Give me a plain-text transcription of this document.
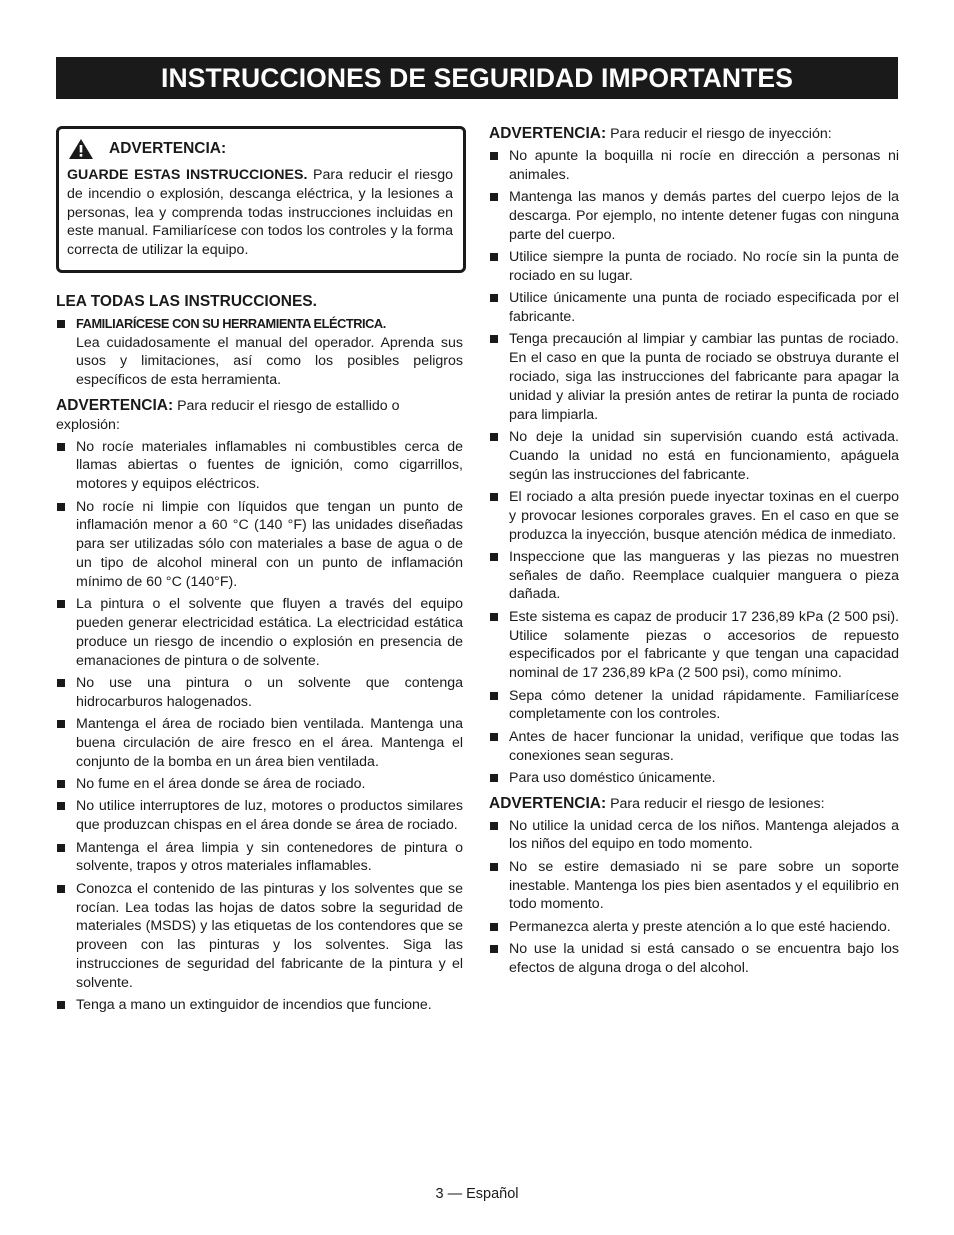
INSTRUCCIONES DE SEGURIDAD IMPORTANTES
ADVERTENCIA:
GUARDE ESTAS INSTRUCCIONES. Para reducir el riesgo de incendio o explosión, descanga eléctrica, y la lesiones a personas, lea y comprenda todas instrucciones incluidas en este manual. Familiarícese con todos los controles y la forma correcta de utilizar la equipo.
LEA TODAS LAS INSTRUCCIONES.
FAMILIARÍCESE CON SU HERRAMIENTA ELÉCTRICA.
Lea cuidadosamente el manual del operador. Aprenda sus usos y limitaciones, así como los posibles peligros específicos de esta herramienta.
ADVERTENCIA: Para reducir el riesgo de estallido o explosión:
No rocíe materiales inflamables ni combustibles cerca de llamas abiertas o fuentes de ignición, como cigarrillos, motores y equipos eléctricos.
No rocíe ni limpie con líquidos que tengan un punto de inflamación menor a 60 °C (140 °F) las unidades diseñadas para ser utilizadas sólo con materiales a base de agua o de un tipo de alcohol mineral con un punto de inflamación mínimo de 60 °C (140°F).
La pintura o el solvente que fluyen a través del equipo pueden generar electricidad estática. La electricidad estática produce un riesgo de incendio o explosión en presencia de emanaciones de pintura o de solvente.
No use una pintura o un solvente que contenga hidrocarburos halogenados.
Mantenga el área de rociado bien ventilada. Mantenga una buena circulación de aire fresco en el área. Mantenga el conjunto de la bomba en un área bien ventilada.
No fume en el área donde se área de rociado.
No utilice interruptores de luz, motores o productos similares que produzcan chispas en el área donde se área de rociado.
Mantenga el área limpia y sin contenedores de pintura o solvente, trapos y otros materiales inflamables.
Conozca el contenido de las pinturas y los solventes que se rocían. Lea todas las hojas de datos sobre la seguridad de materiales (MSDS) y las etiquetas de los contendores que se proveen con las pinturas y los solventes. Siga las instrucciones de seguridad del fabricante de la pintura y el solvente.
Tenga a mano un extinguidor de incendios que funcione.
ADVERTENCIA: Para reducir el riesgo de inyección:
No apunte la boquilla ni rocíe en dirección a personas ni animales.
Mantenga las manos y demás partes del cuerpo lejos de la descarga. Por ejemplo, no intente detener fugas con ninguna parte del cuerpo.
Utilice siempre la punta de rociado. No rocíe sin la punta de rociado en su lugar.
Utilice únicamente una punta de rociado especificada por el fabricante.
Tenga precaución al limpiar y cambiar las puntas de rociado. En el caso en que la punta de rociado se obstruya durante el rociado, siga las instrucciones del fabricante para apagar la unidad y aliviar la presión antes de retirar la punta de rociado para limpiarla.
No deje la unidad sin supervisión cuando está activada. Cuando la unidad no está en funcionamiento, apáguela según las instrucciones del fabricante.
El rociado a alta presión puede inyectar toxinas en el cuerpo y provocar lesiones corporales graves. En el caso en que se produzca la inyección, busque atención médica de inmediato.
Inspeccione que las mangueras y las piezas no muestren señales de daño. Reemplace cualquier manguera o pieza dañada.
Este sistema es capaz de producir 17 236,89 kPa (2 500 psi). Utilice solamente piezas o accesorios de repuesto especificados por el fabricante y que tengan una capacidad nominal de 17 236,89 kPa (2 500 psi), como mínimo.
Sepa cómo detener la unidad rápidamente. Familiarícese completamente con los controles.
Antes de hacer funcionar la unidad, verifique que todas las conexiones sean seguras.
Para uso doméstico únicamente.
ADVERTENCIA: Para reducir el riesgo de lesiones:
No utilice la unidad cerca de los niños. Mantenga alejados a los niños del equipo en todo momento.
No se estire demasiado ni se pare sobre un soporte inestable. Mantenga los pies bien asentados y el equilibrio en todo momento.
Permanezca alerta y preste atención a lo que esté haciendo.
No use la unidad si está cansado o se encuentra bajo los efectos de alguna droga o del alcohol.
3 — Español
